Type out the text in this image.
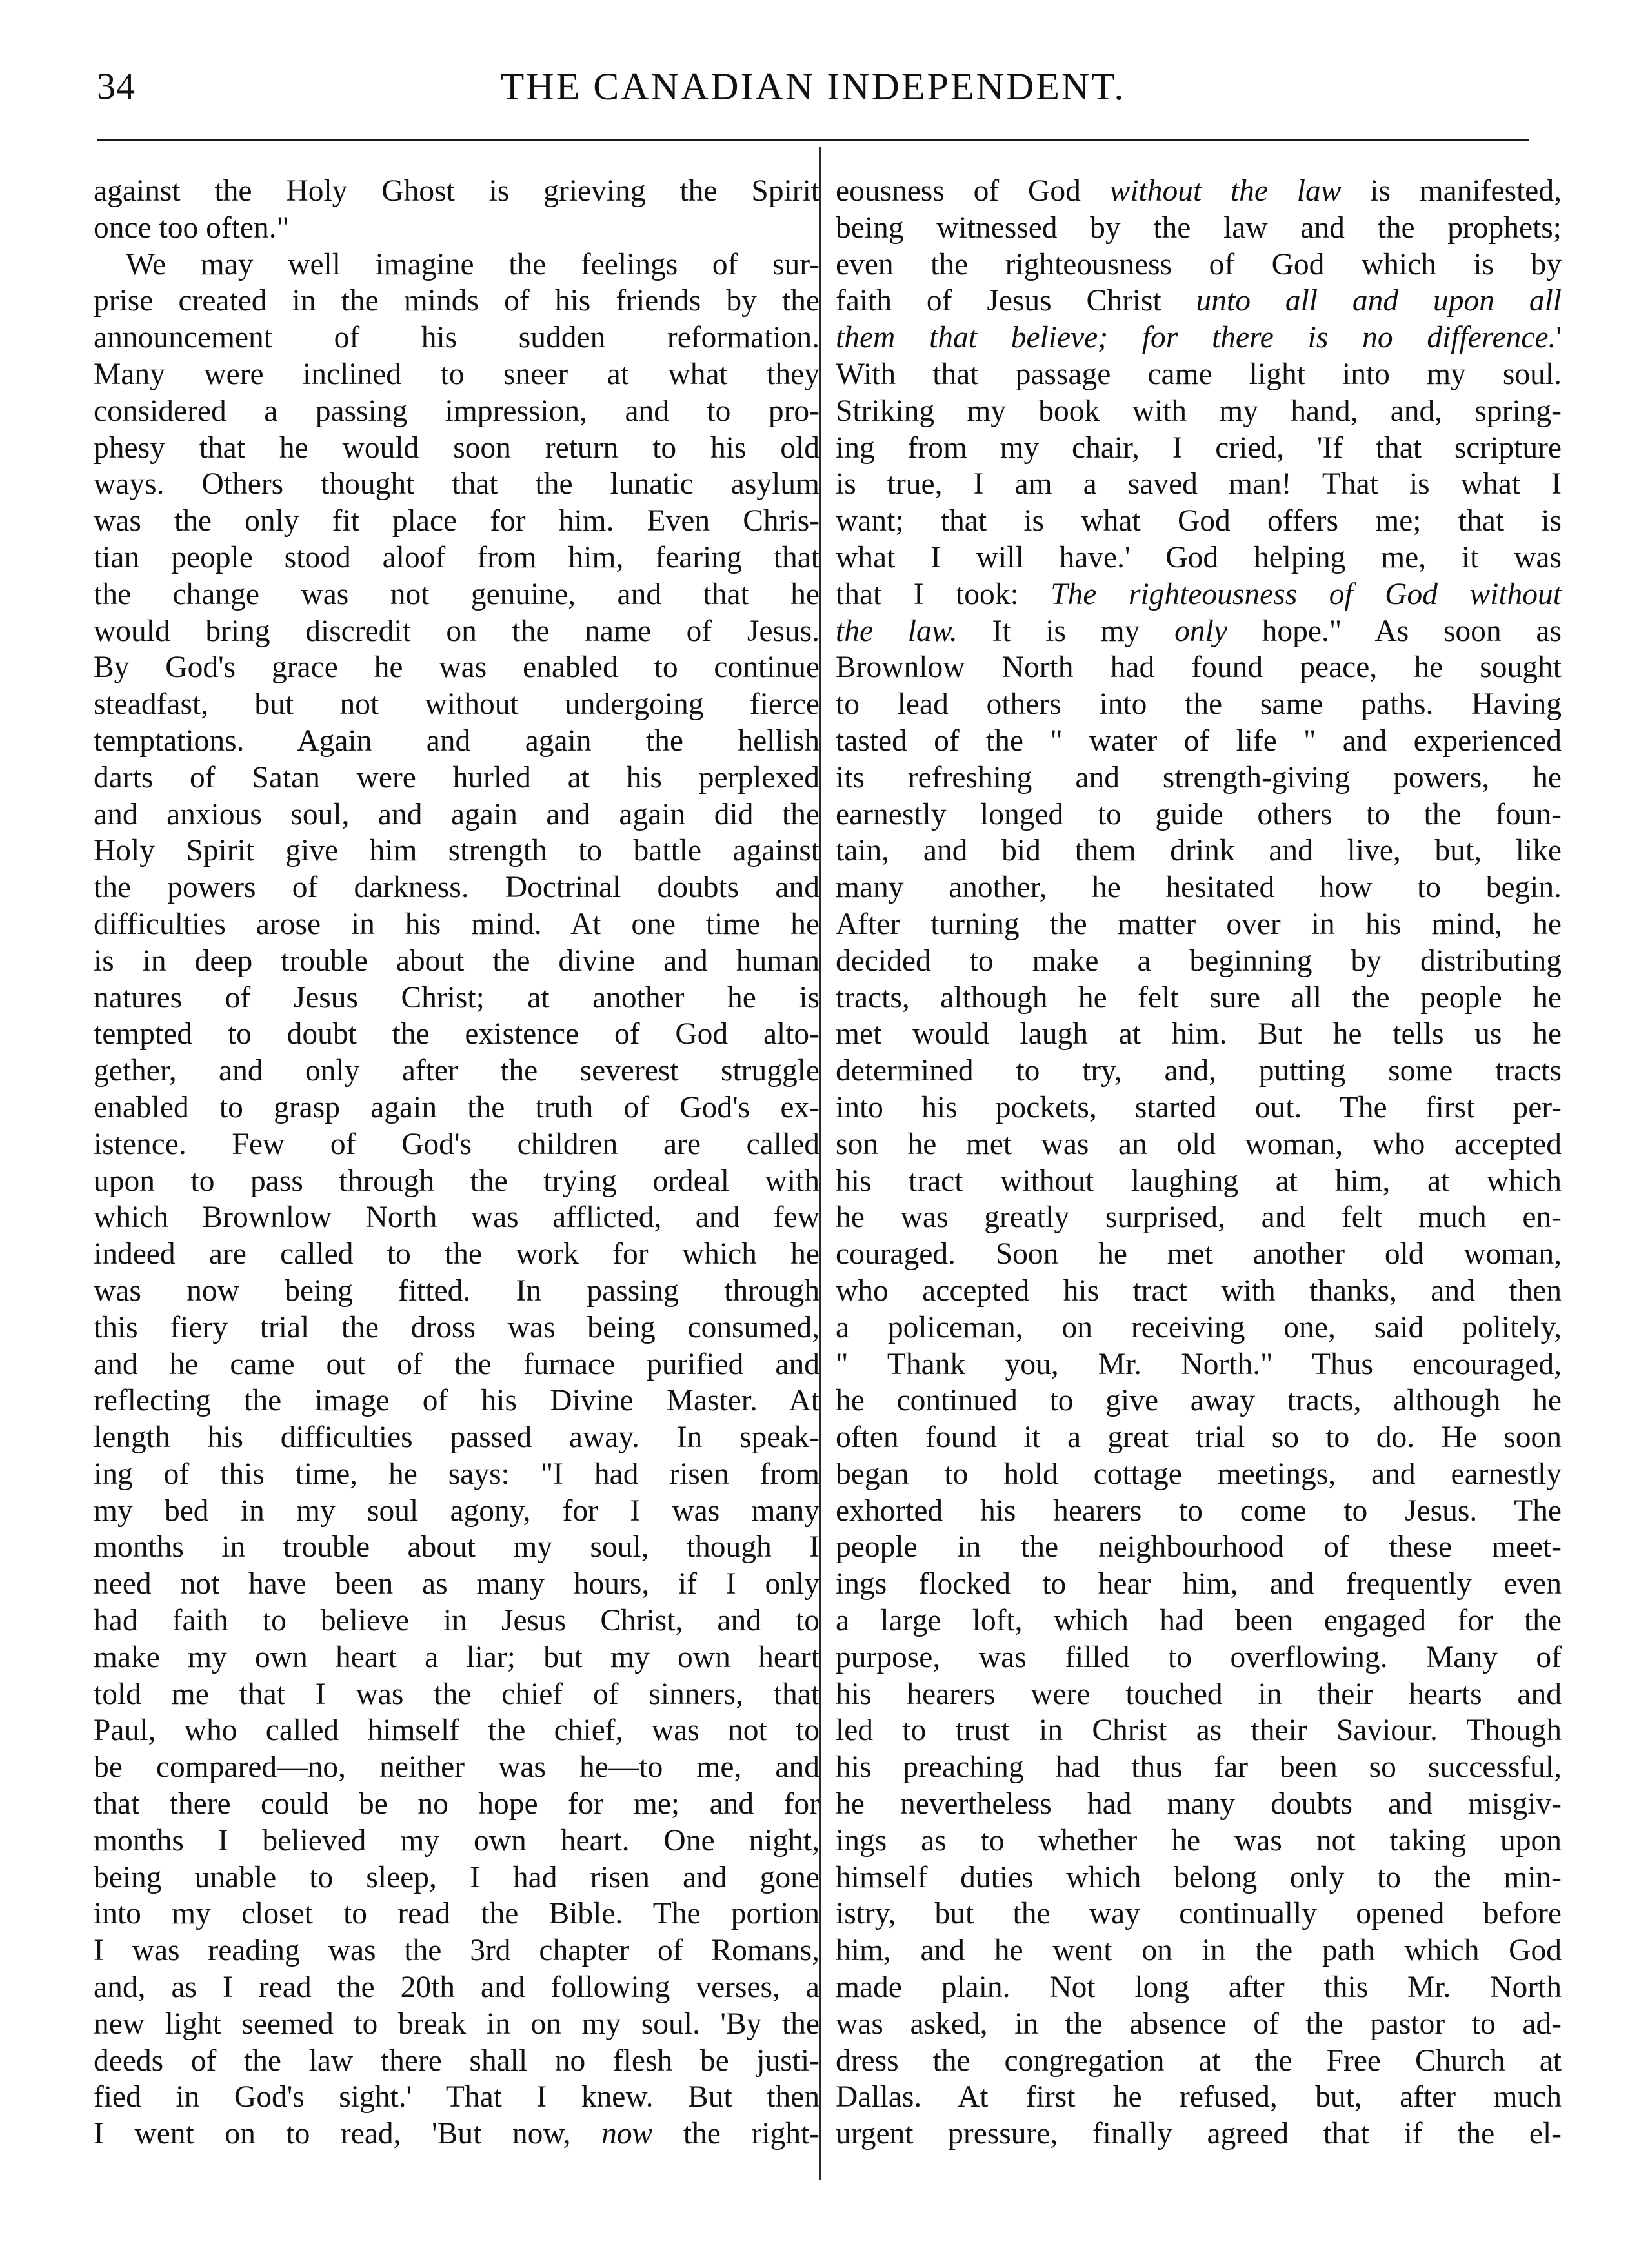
34	THE CANADIAN INDEPENDENT.
against the Holy Ghost is grieving the Spirit
once too often."
We may well imagine the feelings of sur-
prise created in the minds of his friends by the
announcement of his sudden reformation.
Many were inclined to sneer at what they
considered a passing impression, and to pro-
phesy that he would soon return to his old
ways. Others thought that the lunatic asylum
was the only fit place for him. Even Chris-
tian people stood aloof from him, fearing that
the change was not genuine, and that he
would bring discredit on the name of Jesus.
By God's grace he was enabled to continue
steadfast, but not without undergoing fierce
temptations. Again and again the hellish
darts of Satan were hurled at his perplexed
and anxious soul, and again and again did the
Holy Spirit give him strength to battle against
the powers of darkness. Doctrinal doubts and
difficulties arose in his mind. At one time he
is in deep trouble about the divine and human
natures of Jesus Christ; at another he is
tempted to doubt the existence of God alto-
gether, and only after the severest struggle
enabled to grasp again the truth of God's ex-
istence. Few of God's children are called
upon to pass through the trying ordeal with
which Brownlow North was afflicted, and few
indeed are called to the work for which he
was now being fitted. In passing through
this fiery trial the dross was being consumed,
and he came out of the furnace purified and
reflecting the image of his Divine Master. At
length his difficulties passed away. In speak-
ing of this time, he says: "I had risen from
my bed in my soul agony, for I was many
months in trouble about my soul, though I
need not have been as many hours, if I only
had faith to believe in Jesus Christ, and to
make my own heart a liar; but my own heart
told me that I was the chief of sinners, that
Paul, who called himself the chief, was not to
be compared—no, neither was he—to me, and
that there could be no hope for me; and for
months I believed my own heart. One night,
being unable to sleep, I had risen and gone
into my closet to read the Bible. The portion
I was reading was the 3rd chapter of Romans,
and, as I read the 20th and following verses, a
new light seemed to break in on my soul. 'By the
deeds of the law there shall no flesh be justi-
fied in God's sight.' That I knew. But then
I went on to read, 'But now, now the right-
eousness of God without the law is manifested,
being witnessed by the law and the prophets;
even the righteousness of God which is by
faith of Jesus Christ unto all and upon all
them that believe; for there is no difference.'
With that passage came light into my soul.
Striking my book with my hand, and, spring-
ing from my chair, I cried, 'If that scripture
is true, I am a saved man! That is what I
want; that is what God offers me; that is
what I will have.' God helping me, it was
that I took: The righteousness of God without
the law. It is my only hope." As soon as
Brownlow North had found peace, he sought
to lead others into the same paths. Having
tasted of the " water of life " and experienced
its refreshing and strength-giving powers, he
earnestly longed to guide others to the foun-
tain, and bid them drink and live, but, like
many another, he hesitated how to begin.
After turning the matter over in his mind, he
decided to make a beginning by distributing
tracts, although he felt sure all the people he
met would laugh at him. But he tells us he
determined to try, and, putting some tracts
into his pockets, started out. The first per-
son he met was an old woman, who accepted
his tract without laughing at him, at which
he was greatly surprised, and felt much en-
couraged. Soon he met another old woman,
who accepted his tract with thanks, and then
a policeman, on receiving one, said politely,
" Thank you, Mr. North." Thus encouraged,
he continued to give away tracts, although he
often found it a great trial so to do. He soon
began to hold cottage meetings, and earnestly
exhorted his hearers to come to Jesus. The
people in the neighbourhood of these meet-
ings flocked to hear him, and frequently even
a large loft, which had been engaged for the
purpose, was filled to overflowing. Many of
his hearers were touched in their hearts and
led to trust in Christ as their Saviour. Though
his preaching had thus far been so successful,
he nevertheless had many doubts and misgiv-
ings as to whether he was not taking upon
himself duties which belong only to the min-
istry, but the way continually opened before
him, and he went on in the path which God
made plain. Not long after this Mr. North
was asked, in the absence of the pastor to ad-
dress the congregation at the Free Church at
Dallas. At first he refused, but, after much
urgent pressure, finally agreed that if the el-
